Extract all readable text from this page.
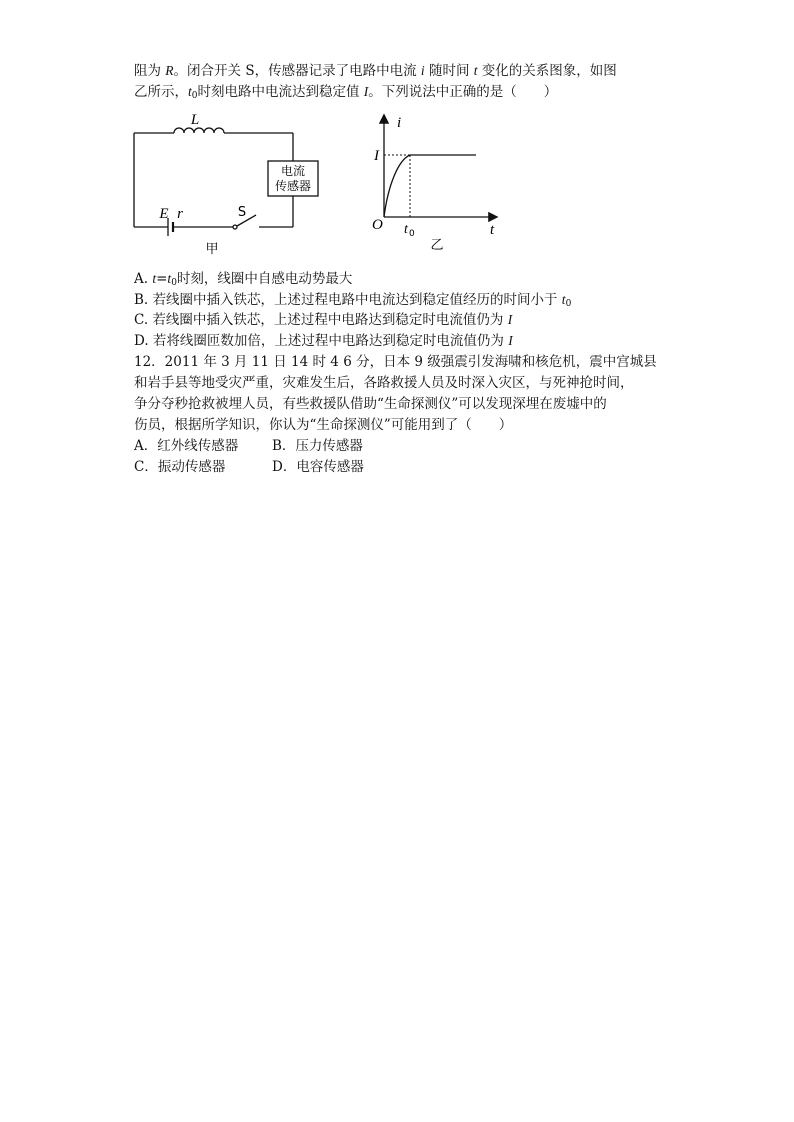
阻为 R。闭合开关 S，传感器记录了电路中电流 i 随时间 t 变化的关系图象，如图
乙所示，$t_0$时刻电路中电流达到稳定值 I。下列说法中正确的是（　　）
L
电流
传感器
E r	S
甲
i
t
O
I
t 0
乙
A. $t=t_0$时刻，线圈中自感电动势最大
B. 若线圈中插入铁芯，上述过程电路中电流达到稳定值经历的时间小于 $t_0$
C. 若线圈中插入铁芯，上述过程中电路达到稳定时电流值仍为 I
D. 若将线圈匝数加倍，上述过程中电路达到稳定时电流值仍为 I
12．2011 年 3 月 11 日 14 时 4 6 分，日本 9 级强震引发海啸和核危机，震中宫城县
和岩手县等地受灾严重，灾难发生后，各路救援人员及时深入灾区，与死神抢时间，
争分夺秒抢救被埋人员，有些救援队借助“生命探测仪”可以发现深埋在废墟中的
伤员，根据所学知识，你认为“生命探测仪”可能用到了（　　）
A．红外线传感器	B．压力传感器
C．振动传感器	D．电容传感器
